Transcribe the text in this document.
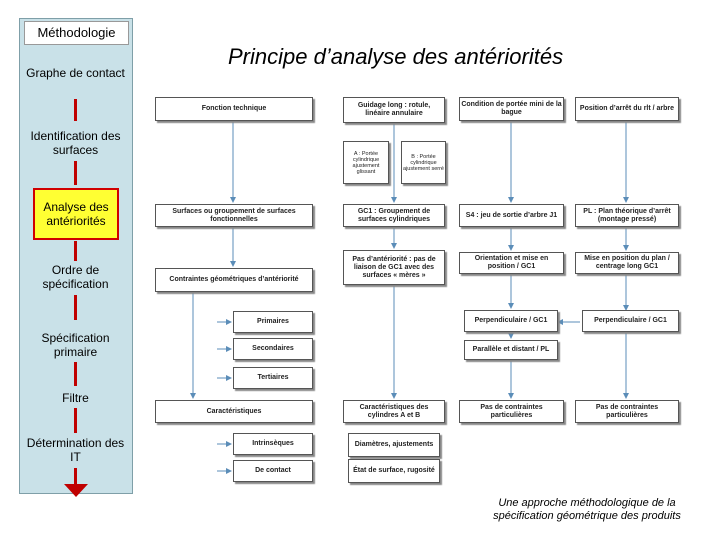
Méthodologie
Graphe de contact
Identification des surfaces
Analyse des antériorités
Ordre de spécification
Spécification primaire
Filtre
Détermination des IT
Principe d’analyse des antériorités
Fonction technique	Guidage long : rotule, linéaire annulaire
Condition de portée mini de la bague
Position d’arrêt du rlt / arbre
A : Portée cylindrique ajustement glissant
B : Portée cylindrique ajustement serré
Surfaces ou groupement de surfaces fonctionnelles
GC1 : Groupement de surfaces cylindriques
S4 : jeu de sortie d’arbre J1
PL : Plan théorique d’arrêt (montage pressé)
Contraintes géométriques d’antériorité
Pas d’antériorité : pas de liaison de GC1 avec des surfaces « mères »
Orientation et mise en position / GC1
Mise en position du plan / centrage long GC1
Primaires
Secondaires
Tertiaires
Perpendiculaire / GC1	Perpendiculaire / GC1
Parallèle et distant / PL
Caractéristiques
Caractéristiques des cylindres A et B
Pas de contraintes particulières
Pas de contraintes particulières
Intrinsèques	Diamètres, ajustements
De contact	État de surface, rugosité
Une approche méthodologique de la spécification géométrique des produits
